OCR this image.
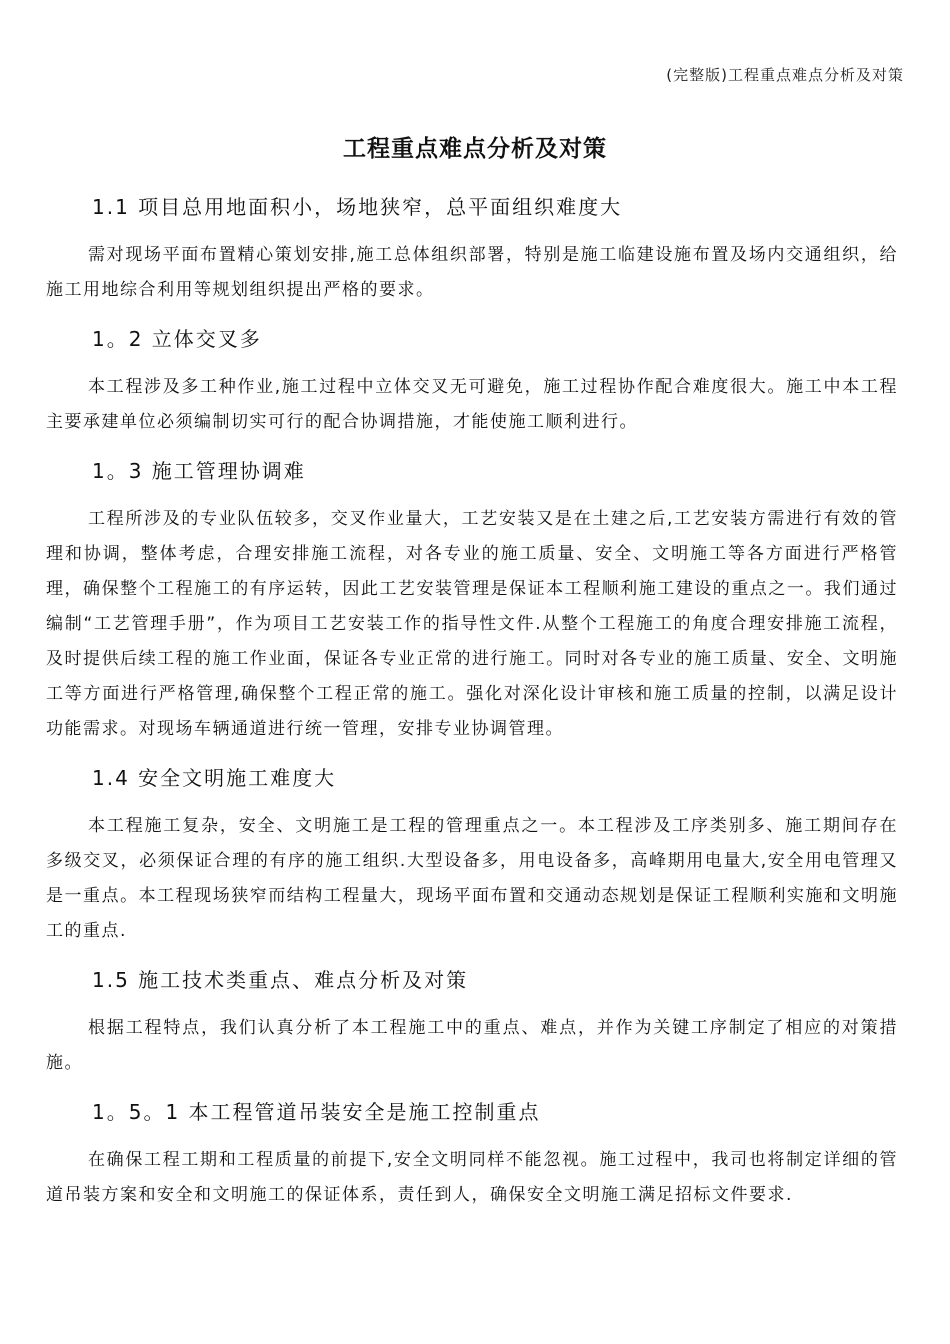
(完整版)工程重点难点分析及对策
工程重点难点分析及对策
1.1 项目总用地面积小，场地狭窄，总平面组织难度大

需对现场平面布置精心策划安排,施工总体组织部署，特别是施工临建设施布置及场内交通组织，给施工用地综合利用等规划组织提出严格的要求。

1。2 立体交叉多

本工程涉及多工种作业,施工过程中立体交叉无可避免，施工过程协作配合难度很大。施工中本工程主要承建单位必须编制切实可行的配合协调措施，才能使施工顺利进行。

1。3 施工管理协调难

工程所涉及的专业队伍较多，交叉作业量大，工艺安装又是在土建之后,工艺安装方需进行有效的管理和协调，整体考虑，合理安排施工流程，对各专业的施工质量、安全、文明施工等各方面进行严格管理，确保整个工程施工的有序运转，因此工艺安装管理是保证本工程顺利施工建设的重点之一。我们通过编制“工艺管理手册”，作为项目工艺安装工作的指导性文件.从整个工程施工的角度合理安排施工流程，及时提供后续工程的施工作业面，保证各专业正常的进行施工。同时对各专业的施工质量、安全、文明施工等方面进行严格管理,确保整个工程正常的施工。强化对深化设计审核和施工质量的控制，以满足设计功能需求。对现场车辆通道进行统一管理，安排专业协调管理。

1.4 安全文明施工难度大

本工程施工复杂，安全、文明施工是工程的管理重点之一。本工程涉及工序类别多、施工期间存在多级交叉，必须保证合理的有序的施工组织.大型设备多，用电设备多，高峰期用电量大,安全用电管理又是一重点。本工程现场狭窄而结构工程量大，现场平面布置和交通动态规划是保证工程顺利实施和文明施工的重点.

1.5 施工技术类重点、难点分析及对策

根据工程特点，我们认真分析了本工程施工中的重点、难点，并作为关键工序制定了相应的对策措施。

1。5。1 本工程管道吊装安全是施工控制重点

在确保工程工期和工程质量的前提下,安全文明同样不能忽视。施工过程中，我司也将制定详细的管道吊装方案和安全和文明施工的保证体系，责任到人，确保安全文明施工满足招标文件要求.
